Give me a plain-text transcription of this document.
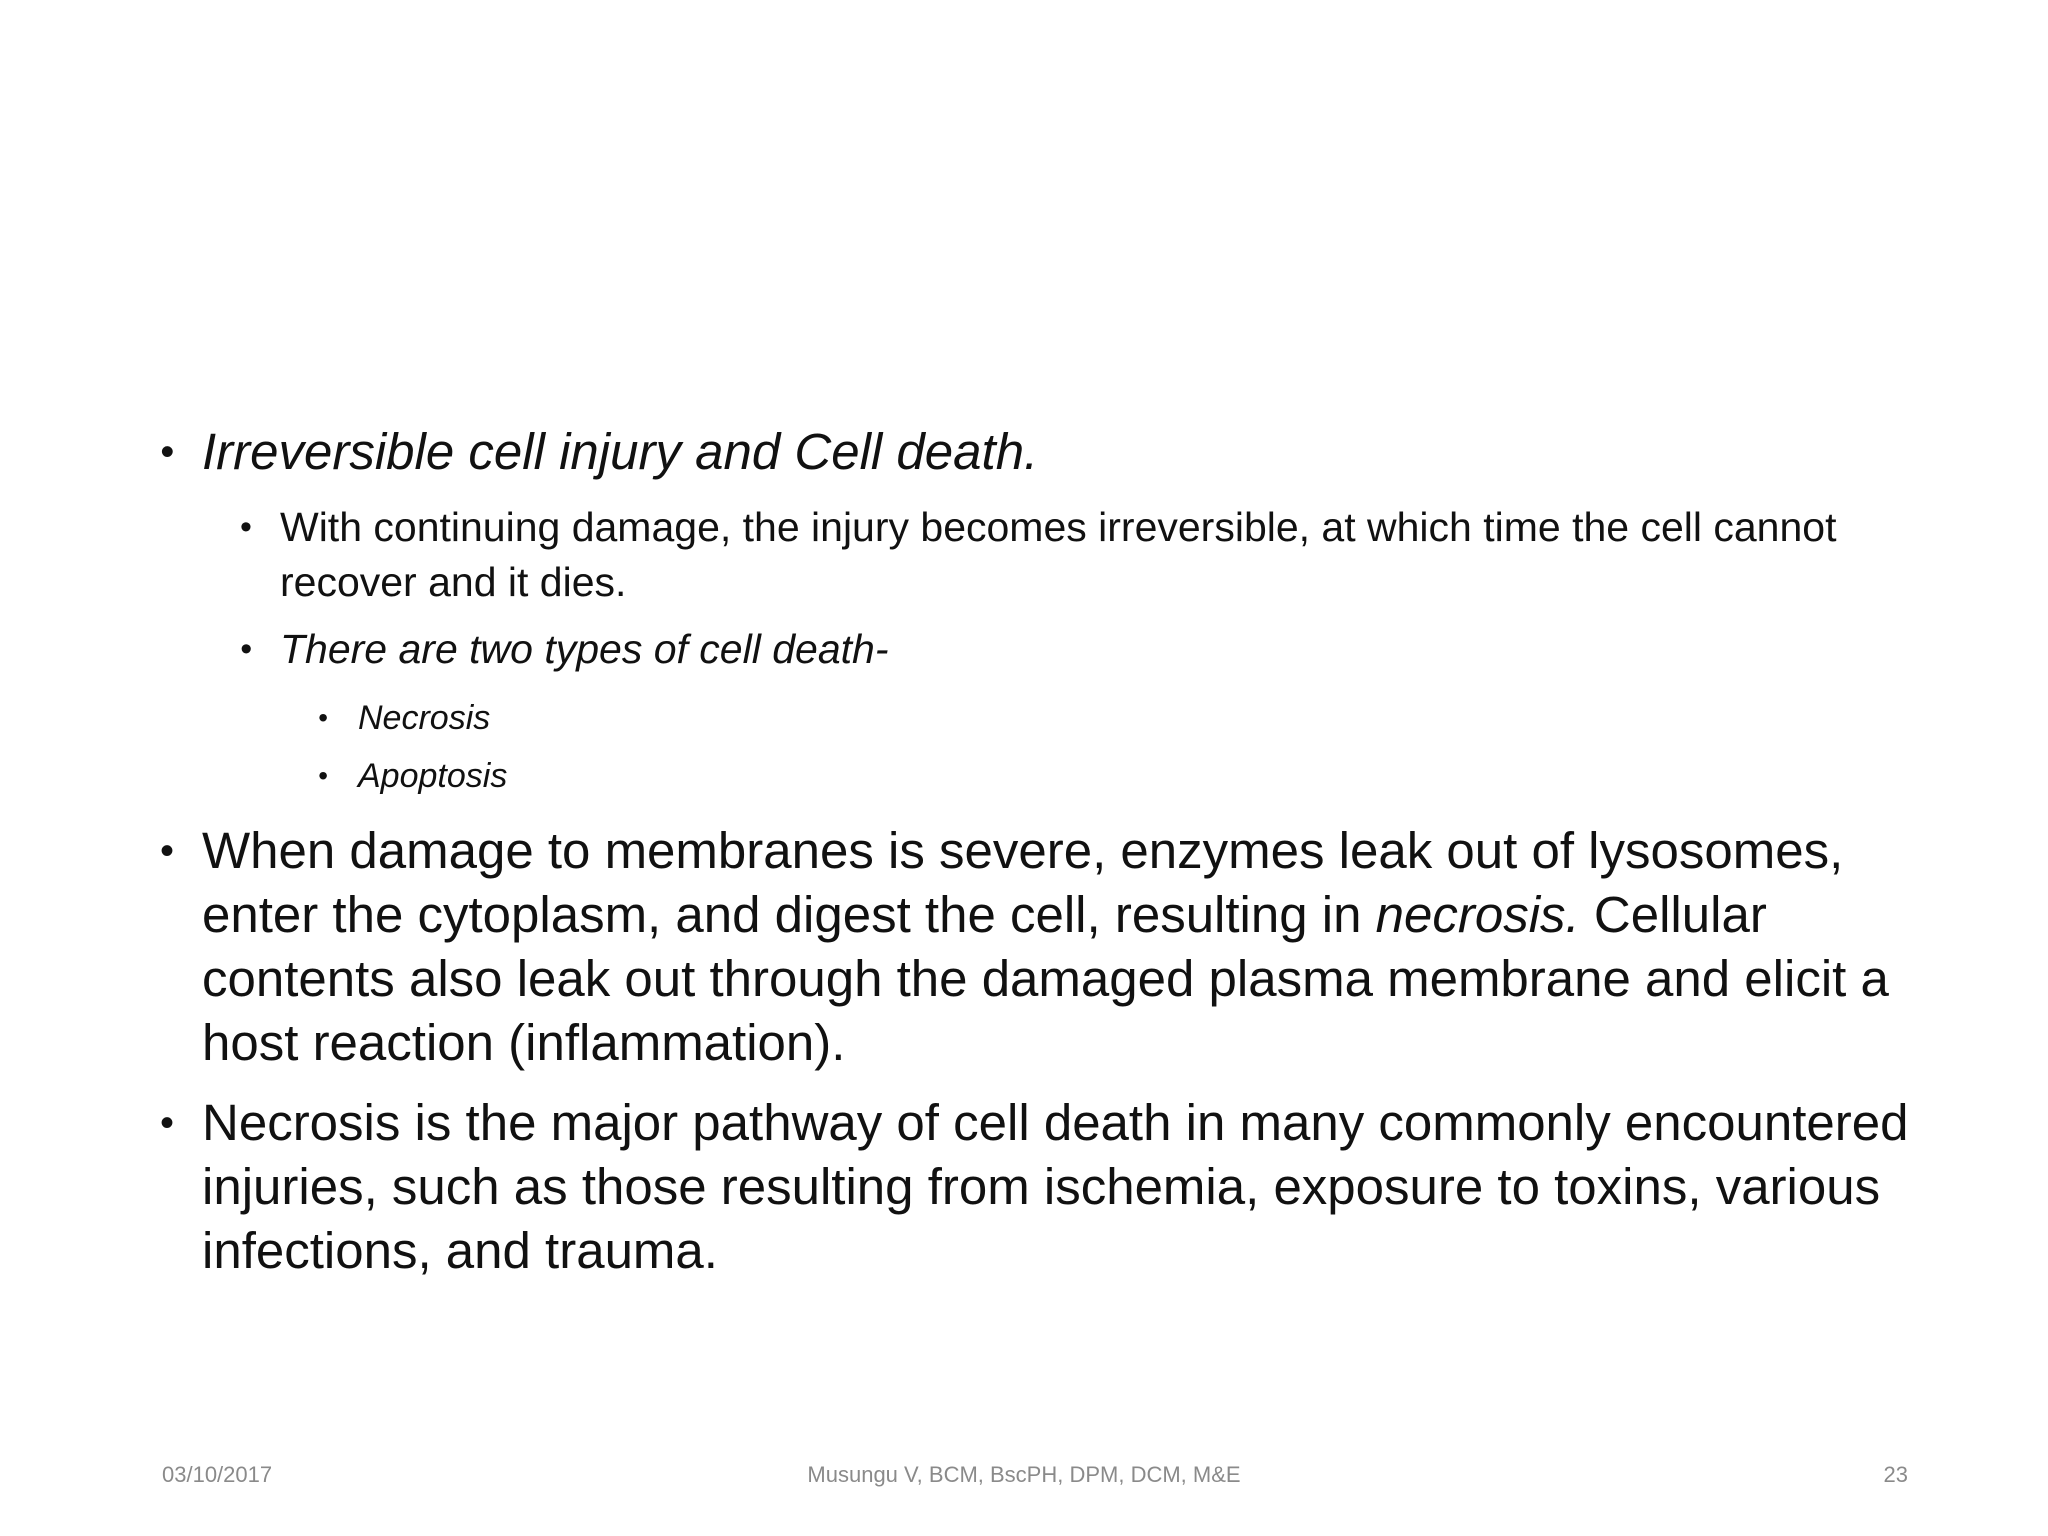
• Irreversible cell injury and Cell death.

• With continuing damage, the injury becomes irreversible, at which time the cell cannot recover and it dies.

• There are two types of cell death-

• Necrosis

• Apoptosis

• When damage to membranes is severe, enzymes leak out of lysosomes, enter the cytoplasm, and digest the cell, resulting in necrosis. Cellular contents also leak out through the damaged plasma membrane and elicit a host reaction (inflammation).

• Necrosis is the major pathway of cell death in many commonly encountered injuries, such as those resulting from ischemia, exposure to toxins, various infections, and trauma.

Musungu V, BCM, BscPH, DPM, DCM, M&E
03/10/2017	23
